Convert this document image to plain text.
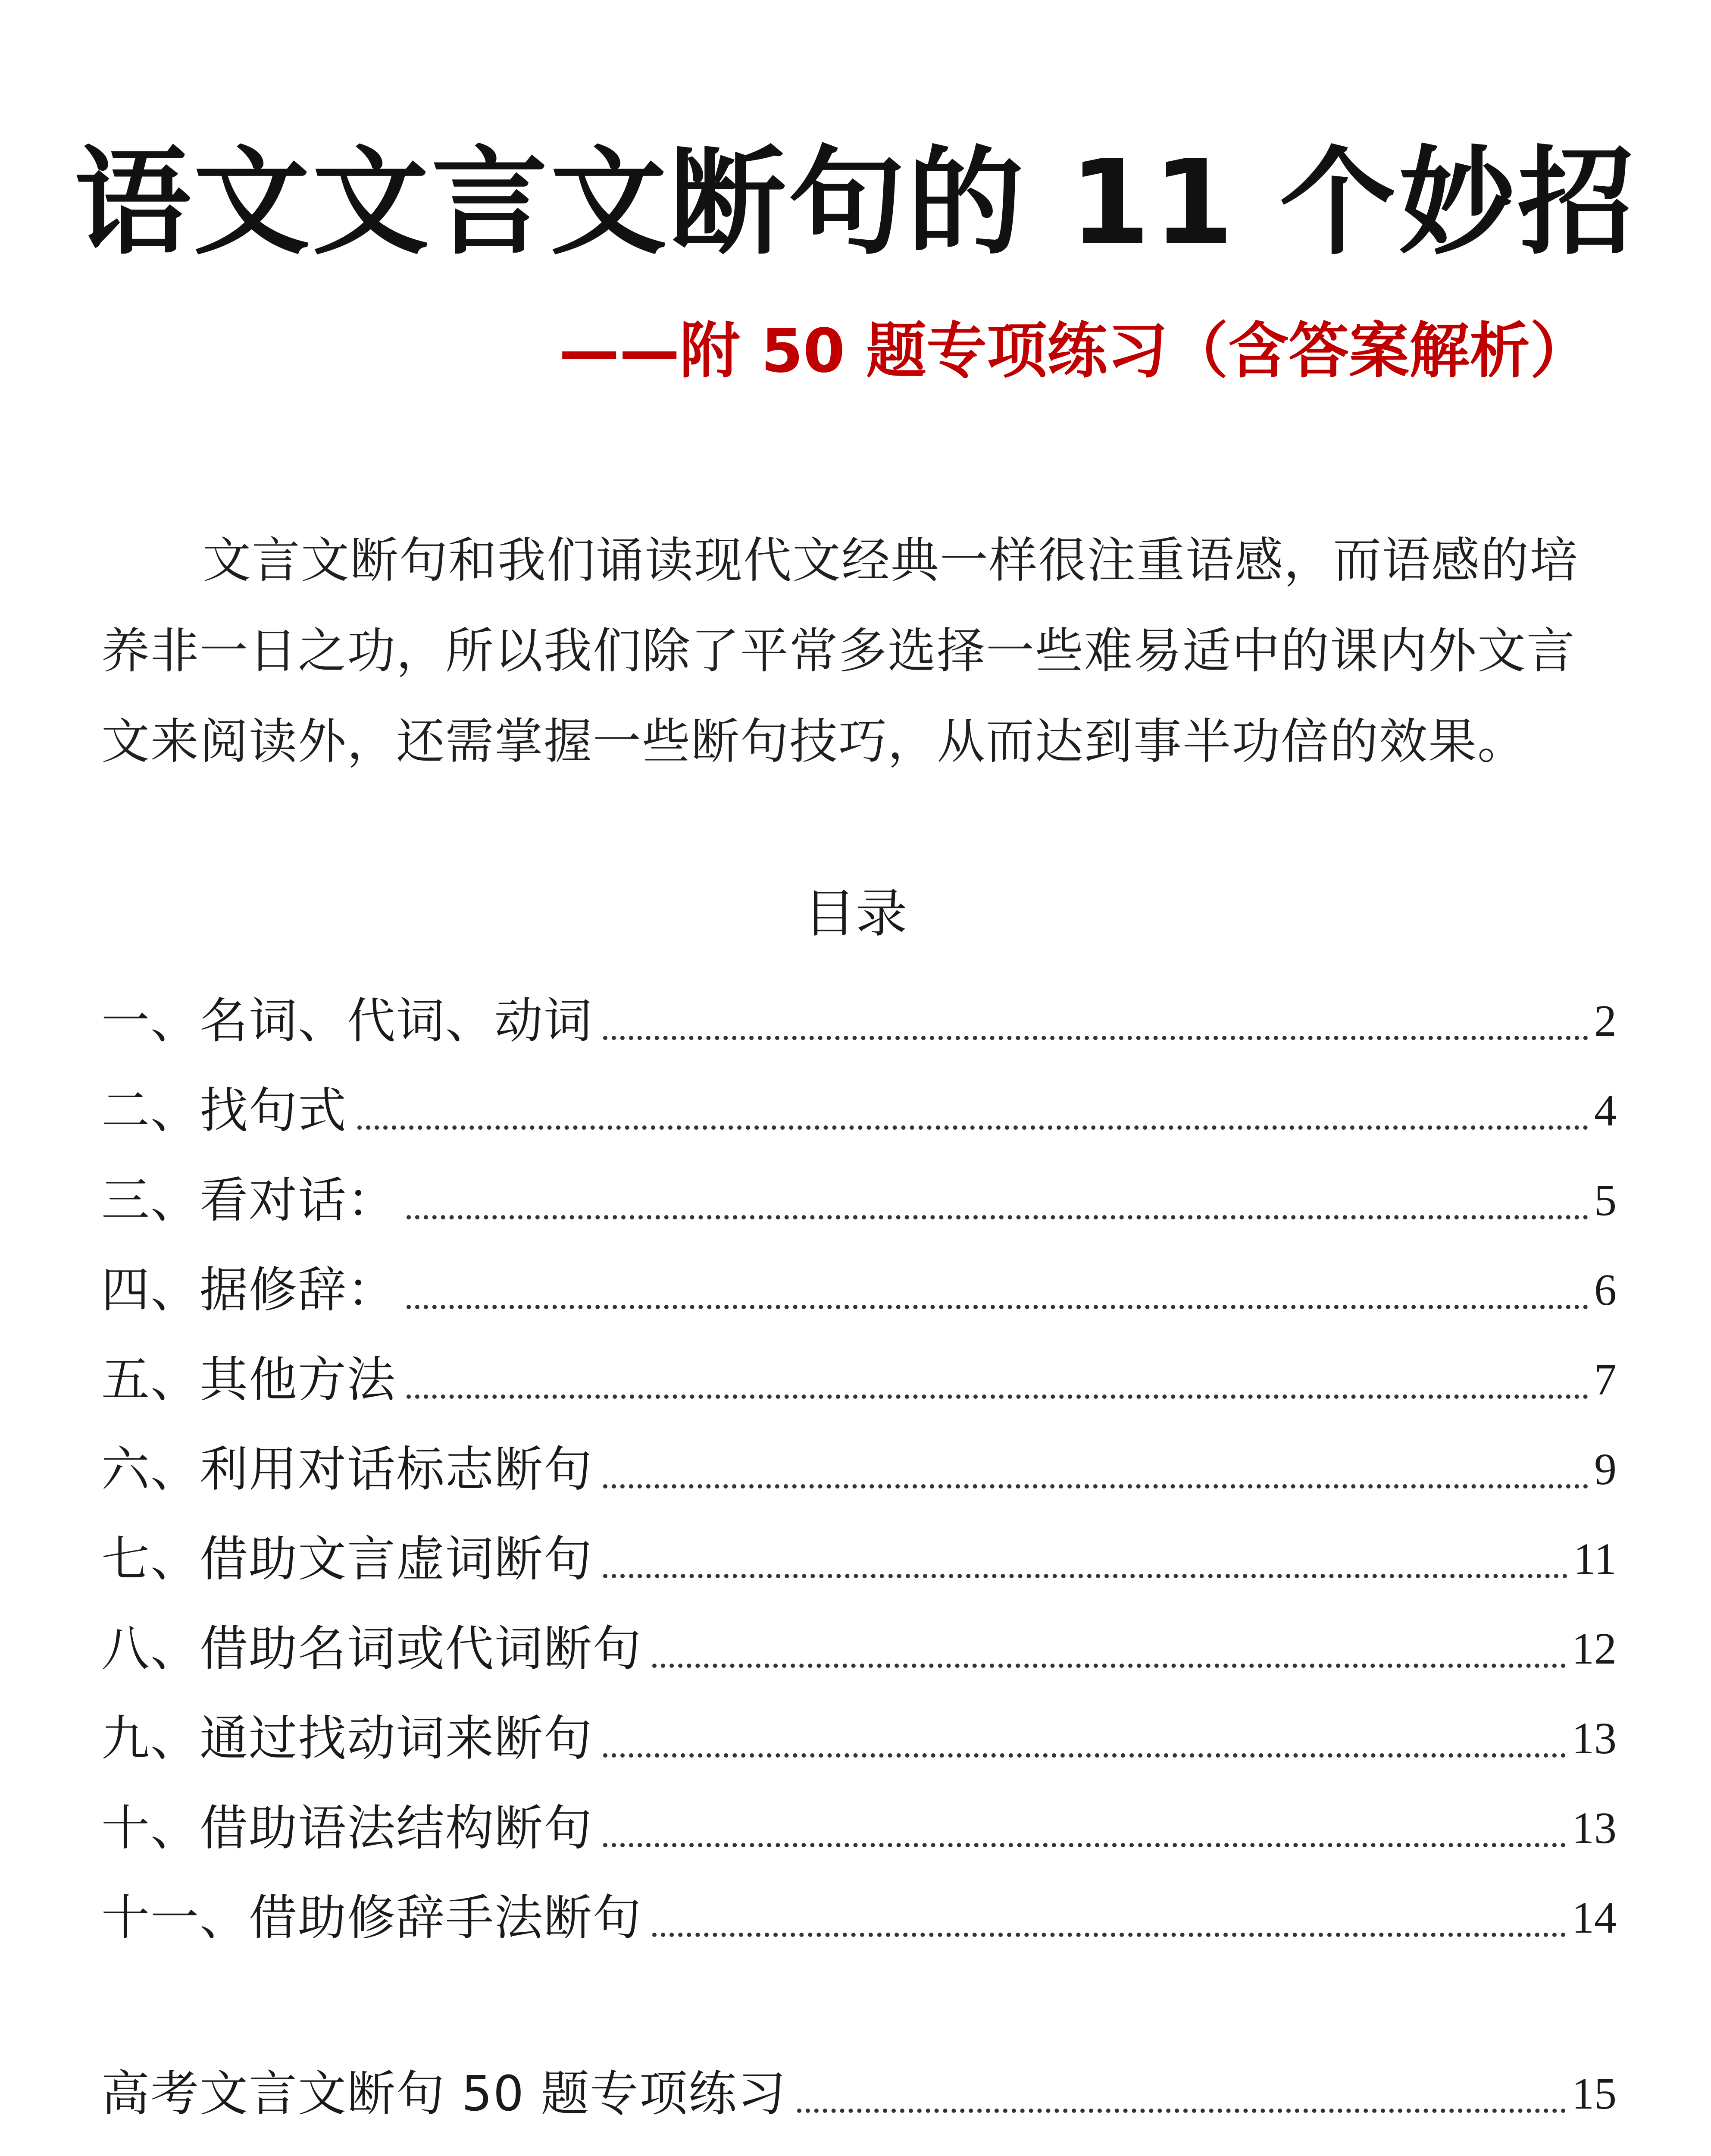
语文文言文断句的 11 个妙招
——附 50 题专项练习（含答案解析）

文言文断句和我们诵读现代文经典一样很注重语感，而语感的培养非一日之功，所以我们除了平常多选择一些难易适中的课内外文言文来阅读外，还需掌握一些断句技巧，从而达到事半功倍的效果。

目录
一、名词、代词、动词	2
二、找句式	4
三、看对话：	5
四、据修辞：	6
五、其他方法	7
六、利用对话标志断句	9
七、借助文言虚词断句	11
八、借助名词或代词断句	12
九、通过找动词来断句	13
十、借助语法结构断句	13
十一、借助修辞手法断句	14
高考文言文断句 50 题专项练习	15
